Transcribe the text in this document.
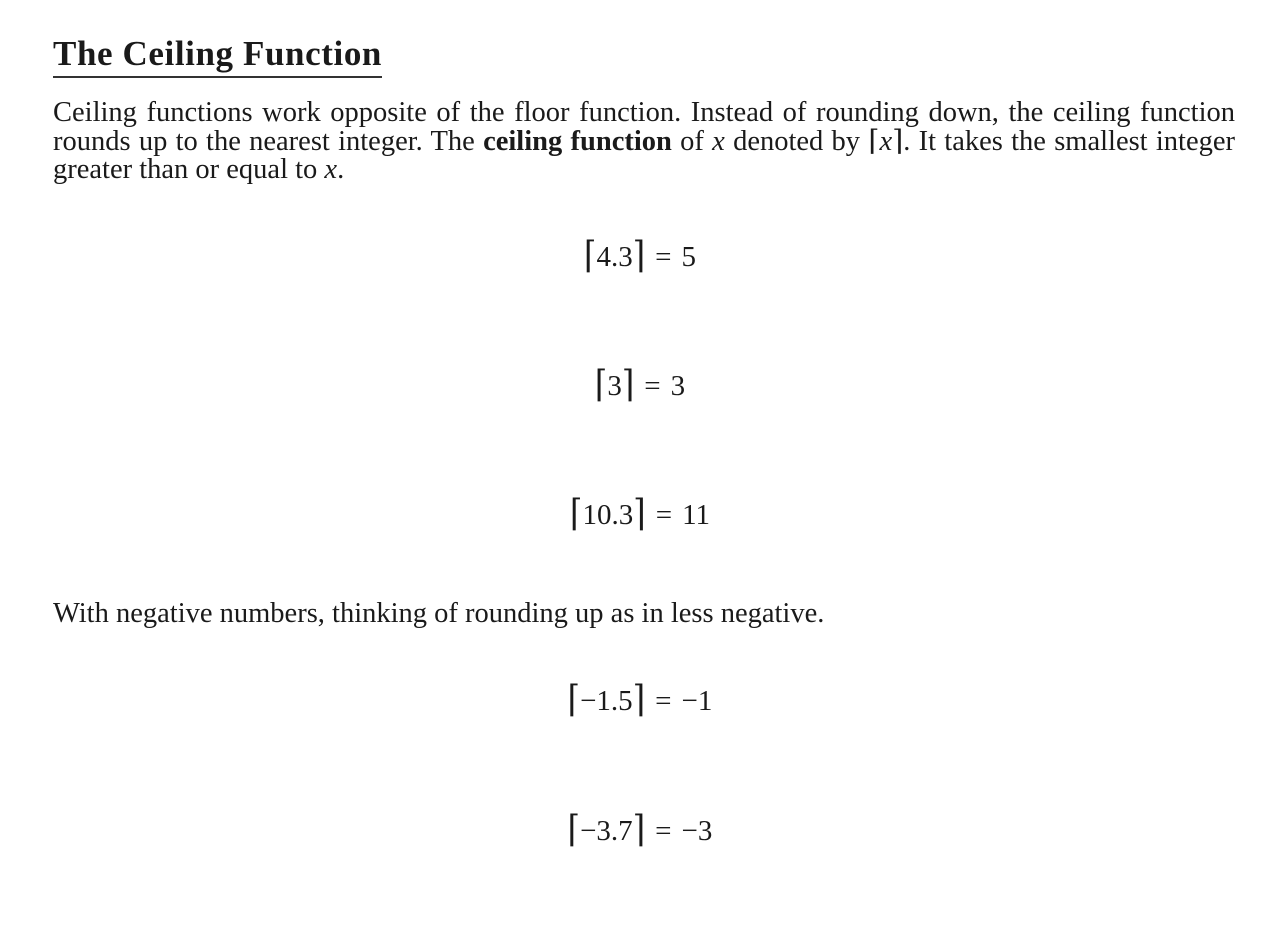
The Ceiling Function

Ceiling functions work opposite of the floor function. Instead of rounding down, the ceiling function rounds up to the nearest integer. The ceiling function of x denoted by ⌈x⌉. It takes the smallest integer greater than or equal to x.

⌈4.3⌉ = 5
⌈3⌉ = 3
⌈10.3⌉ = 11

With negative numbers, thinking of rounding up as in less negative.

⌈−1.5⌉ = −1
⌈−3.7⌉ = −3
